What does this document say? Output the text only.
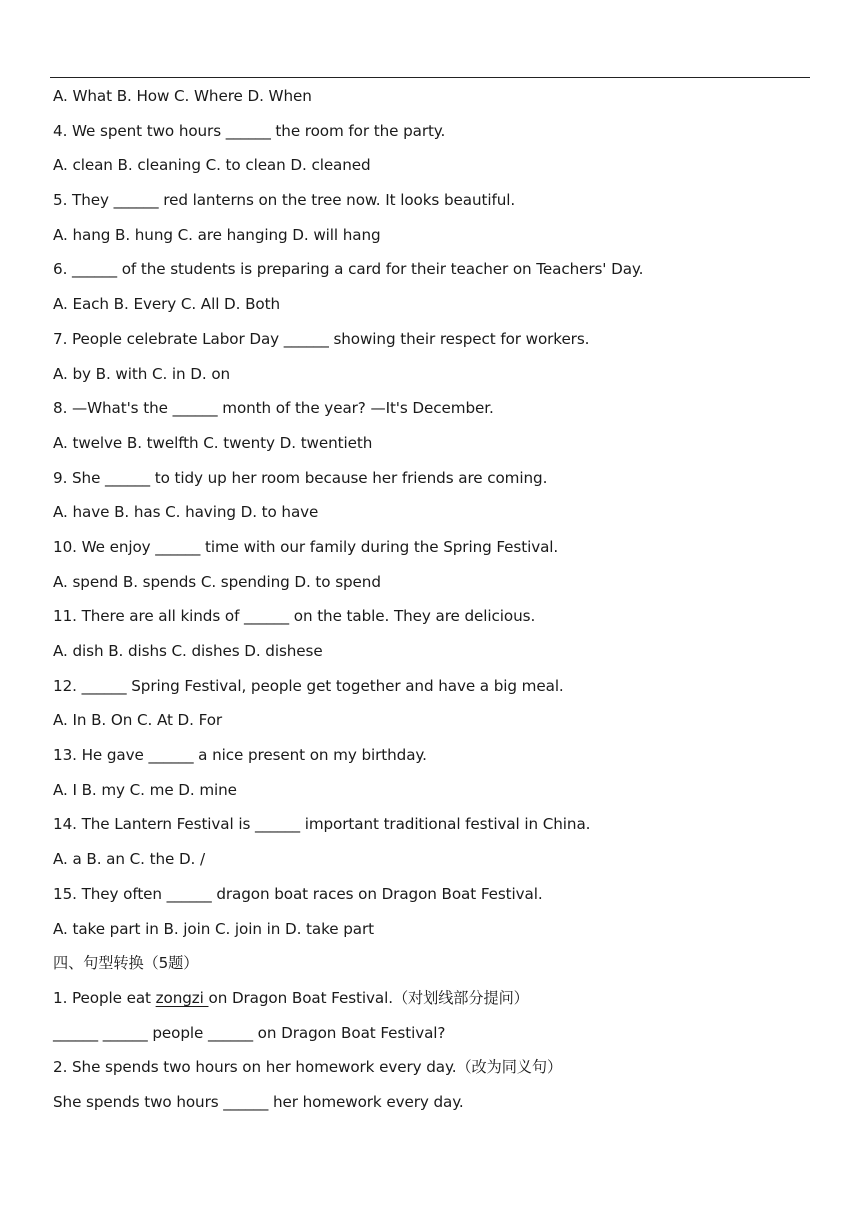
A. What B. How C. Where D. When
4. We spent two hours ______ the room for the party.
A. clean B. cleaning C. to clean D. cleaned
5. They ______ red lanterns on the tree now. It looks beautiful.
A. hang B. hung C. are hanging D. will hang
6. ______ of the students is preparing a card for their teacher on Teachers' Day.
A. Each B. Every C. All D. Both
7. People celebrate Labor Day ______ showing their respect for workers.
A. by B. with C. in D. on
8. —What's the ______ month of the year? —It's December.
A. twelve B. twelfth C. twenty D. twentieth
9. She ______ to tidy up her room because her friends are coming.
A. have B. has C. having D. to have
10. We enjoy ______ time with our family during the Spring Festival.
A. spend B. spends C. spending D. to spend
11. There are all kinds of ______ on the table. They are delicious.
A. dish B. dishs C. dishes D. dishese
12. ______ Spring Festival, people get together and have a big meal.
A. In B. On C. At D. For
13. He gave ______ a nice present on my birthday.
A. I B. my C. me D. mine
14. The Lantern Festival is ______ important traditional festival in China.
A. a B. an C. the D. /
15. They often ______ dragon boat races on Dragon Boat Festival.
A. take part in B. join C. join in D. take part
四、句型转换（5题）
1. People eat zongzi on Dragon Boat Festival.（对划线部分提问）
______ ______ people ______ on Dragon Boat Festival?
2. She spends two hours on her homework every day.（改为同义句）
She spends two hours ______ her homework every day.
